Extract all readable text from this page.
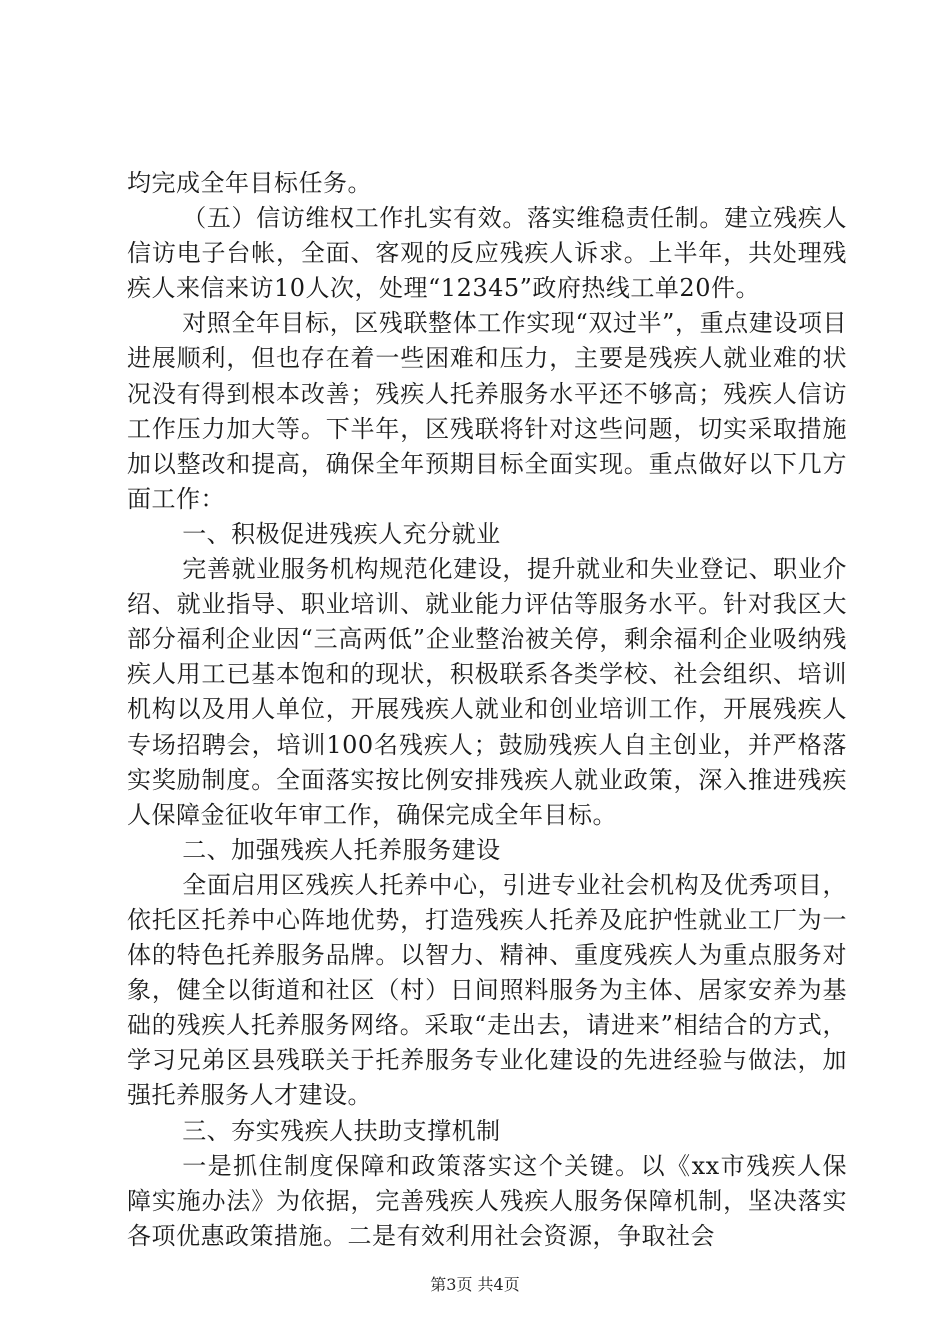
均完成全年目标任务。

（五）信访维权工作扎实有效。落实维稳责任制。建立残疾人信访电子台帐，全面、客观的反应残疾人诉求。上半年，共处理残疾人来信来访10人次，处理“12345”政府热线工单20件。

对照全年目标，区残联整体工作实现“双过半”，重点建设项目进展顺利，但也存在着一些困难和压力，主要是残疾人就业难的状况没有得到根本改善；残疾人托养服务水平还不够高；残疾人信访工作压力加大等。下半年，区残联将针对这些问题，切实采取措施加以整改和提高，确保全年预期目标全面实现。重点做好以下几方面工作：

一、积极促进残疾人充分就业

完善就业服务机构规范化建设，提升就业和失业登记、职业介绍、就业指导、职业培训、就业能力评估等服务水平。针对我区大部分福利企业因“三高两低”企业整治被关停，剩余福利企业吸纳残疾人用工已基本饱和的现状，积极联系各类学校、社会组织、培训机构以及用人单位，开展残疾人就业和创业培训工作，开展残疾人专场招聘会，培训100名残疾人；鼓励残疾人自主创业，并严格落实奖励制度。全面落实按比例安排残疾人就业政策，深入推进残疾人保障金征收年审工作，确保完成全年目标。

二、加强残疾人托养服务建设

全面启用区残疾人托养中心，引进专业社会机构及优秀项目，依托区托养中心阵地优势，打造残疾人托养及庇护性就业工厂为一体的特色托养服务品牌。以智力、精神、重度残疾人为重点服务对象，健全以街道和社区（村）日间照料服务为主体、居家安养为基础的残疾人托养服务网络。采取“走出去，请进来”相结合的方式，学习兄弟区县残联关于托养服务专业化建设的先进经验与做法，加强托养服务人才建设。

三、夯实残疾人扶助支撑机制

一是抓住制度保障和政策落实这个关键。以《xx市残疾人保障实施办法》为依据，完善残疾人残疾人服务保障机制，坚决落实各项优惠政策措施。二是有效利用社会资源，争取社会

第3页 共4页
